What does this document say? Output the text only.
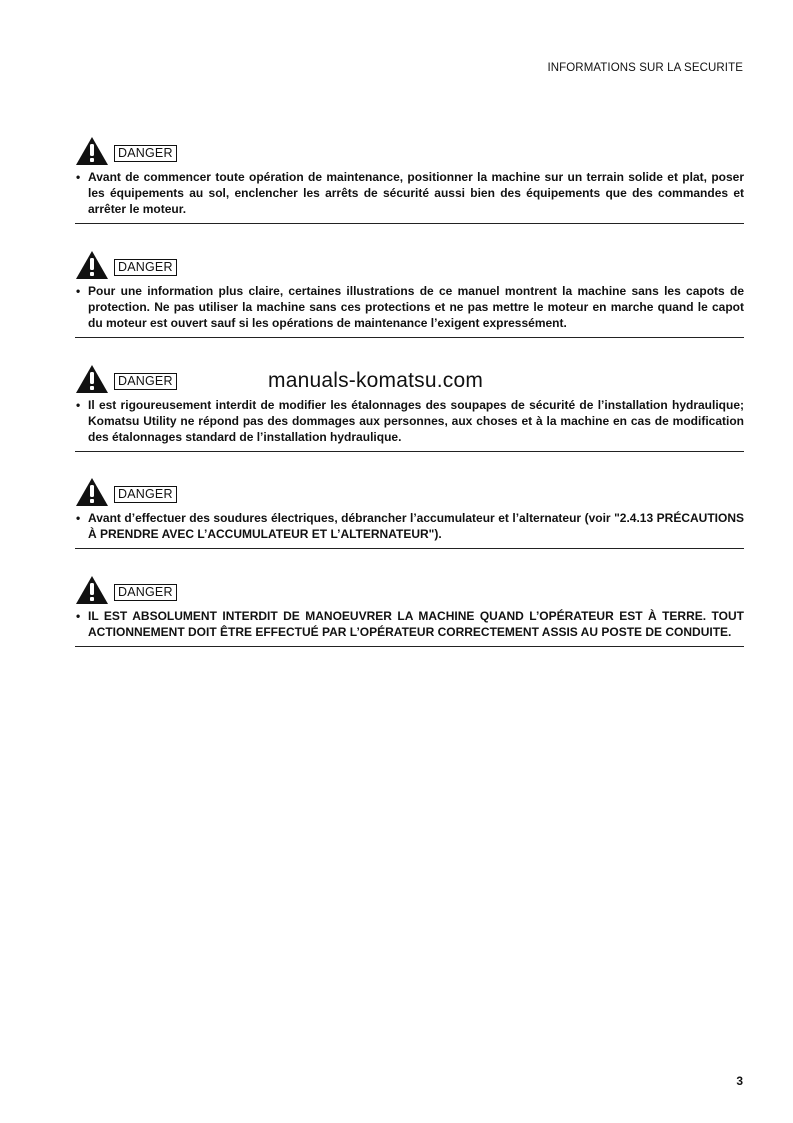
INFORMATIONS SUR LA SECURITE
DANGER
• Avant de commencer toute opération de maintenance, positionner la machine sur un terrain solide et plat, poser les équipements au sol, enclencher les arrêts de sécurité aussi bien des équipements que des commandes et arrêter le moteur.
DANGER
• Pour une information plus claire, certaines illustrations de ce manuel montrent la machine sans les capots de protection. Ne pas utiliser la machine sans ces protections et ne pas mettre le moteur en marche quand le capot du moteur est ouvert sauf si les opérations de maintenance l’exigent expressément.
manuals-komatsu.com
DANGER
• Il est rigoureusement interdit de modifier les étalonnages des soupapes de sécurité de l’installation hydraulique; Komatsu Utility ne répond pas des dommages aux personnes, aux choses et à la machine en cas de modification des étalonnages standard de l’installation hydraulique.
DANGER
• Avant d’effectuer des soudures électriques, débrancher l’accumulateur et l’alternateur (voir "2.4.13 PRÉCAUTIONS À PRENDRE AVEC L’ACCUMULATEUR ET L’ALTERNATEUR").
DANGER
• IL EST ABSOLUMENT INTERDIT DE MANOEUVRER LA MACHINE QUAND L’OPÉRATEUR EST À TERRE. TOUT ACTIONNEMENT DOIT ÊTRE EFFECTUÉ PAR L’OPÉRATEUR CORRECTEMENT ASSIS AU POSTE DE CONDUITE.
3
